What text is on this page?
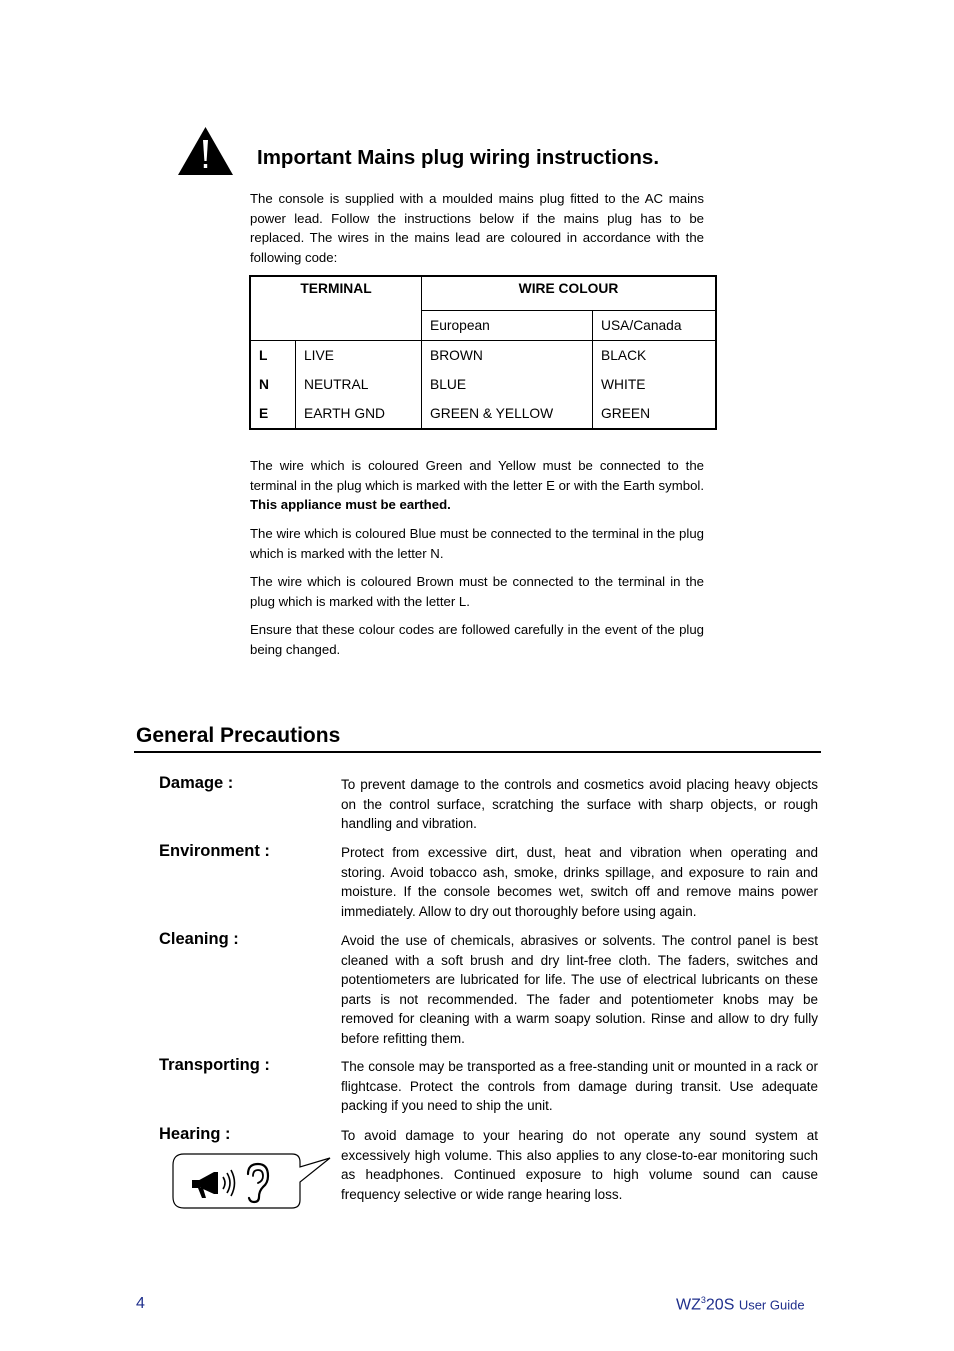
Important Mains plug wiring instructions.

The console is supplied with a moulded mains plug fitted to the AC mains power lead. Follow the instructions below if the mains plug has to be replaced. The wires in the mains lead are coloured in accordance with the following code:

TERMINAL		WIRE COLOUR	
		European	USA/Canada
L	LIVE	BROWN	BLACK
N	NEUTRAL	BLUE	WHITE
E	EARTH GND	GREEN & YELLOW	GREEN

The wire which is coloured Green and Yellow must be connected to the terminal in the plug which is marked with the letter E or with the Earth symbol. This appliance must be earthed.

The wire which is coloured Blue must be connected to the terminal in the plug which is marked with the letter N.

The wire which is coloured Brown must be connected to the terminal in the plug which is marked with the letter L.

Ensure that these colour codes are followed carefully in the event of the plug being changed.

General Precautions
Damage :	To prevent damage to the controls and cosmetics avoid placing heavy objects on the control surface, scratching the surface with sharp objects, or rough handling and vibration.

Environment :	Protect from excessive dirt, dust, heat and vibration when operating and storing. Avoid tobacco ash, smoke, drinks spillage, and exposure to rain and moisture. If the console becomes wet, switch off and remove mains power immediately. Allow to dry out thoroughly before using again.

Cleaning :	Avoid the use of chemicals, abrasives or solvents. The control panel is best cleaned with a soft brush and dry lint-free cloth. The faders, switches and potentiometers are lubricated for life. The use of electrical lubricants on these parts is not recommended. The fader and potentiometer knobs may be removed for cleaning with a warm soapy solution. Rinse and allow to dry fully before refitting them.

Transporting :	The console may be transported as a free-standing unit or mounted in a rack or flightcase. Protect the controls from damage during transit. Use adequate packing if you need to ship the unit.

Hearing :	To avoid damage to your hearing do not operate any sound system at excessively high volume. This also applies to any close-to-ear monitoring such as headphones. Continued exposure to high volume sound can cause frequency selective or wide range hearing loss.

4	$WZ^320S$ User Guide
